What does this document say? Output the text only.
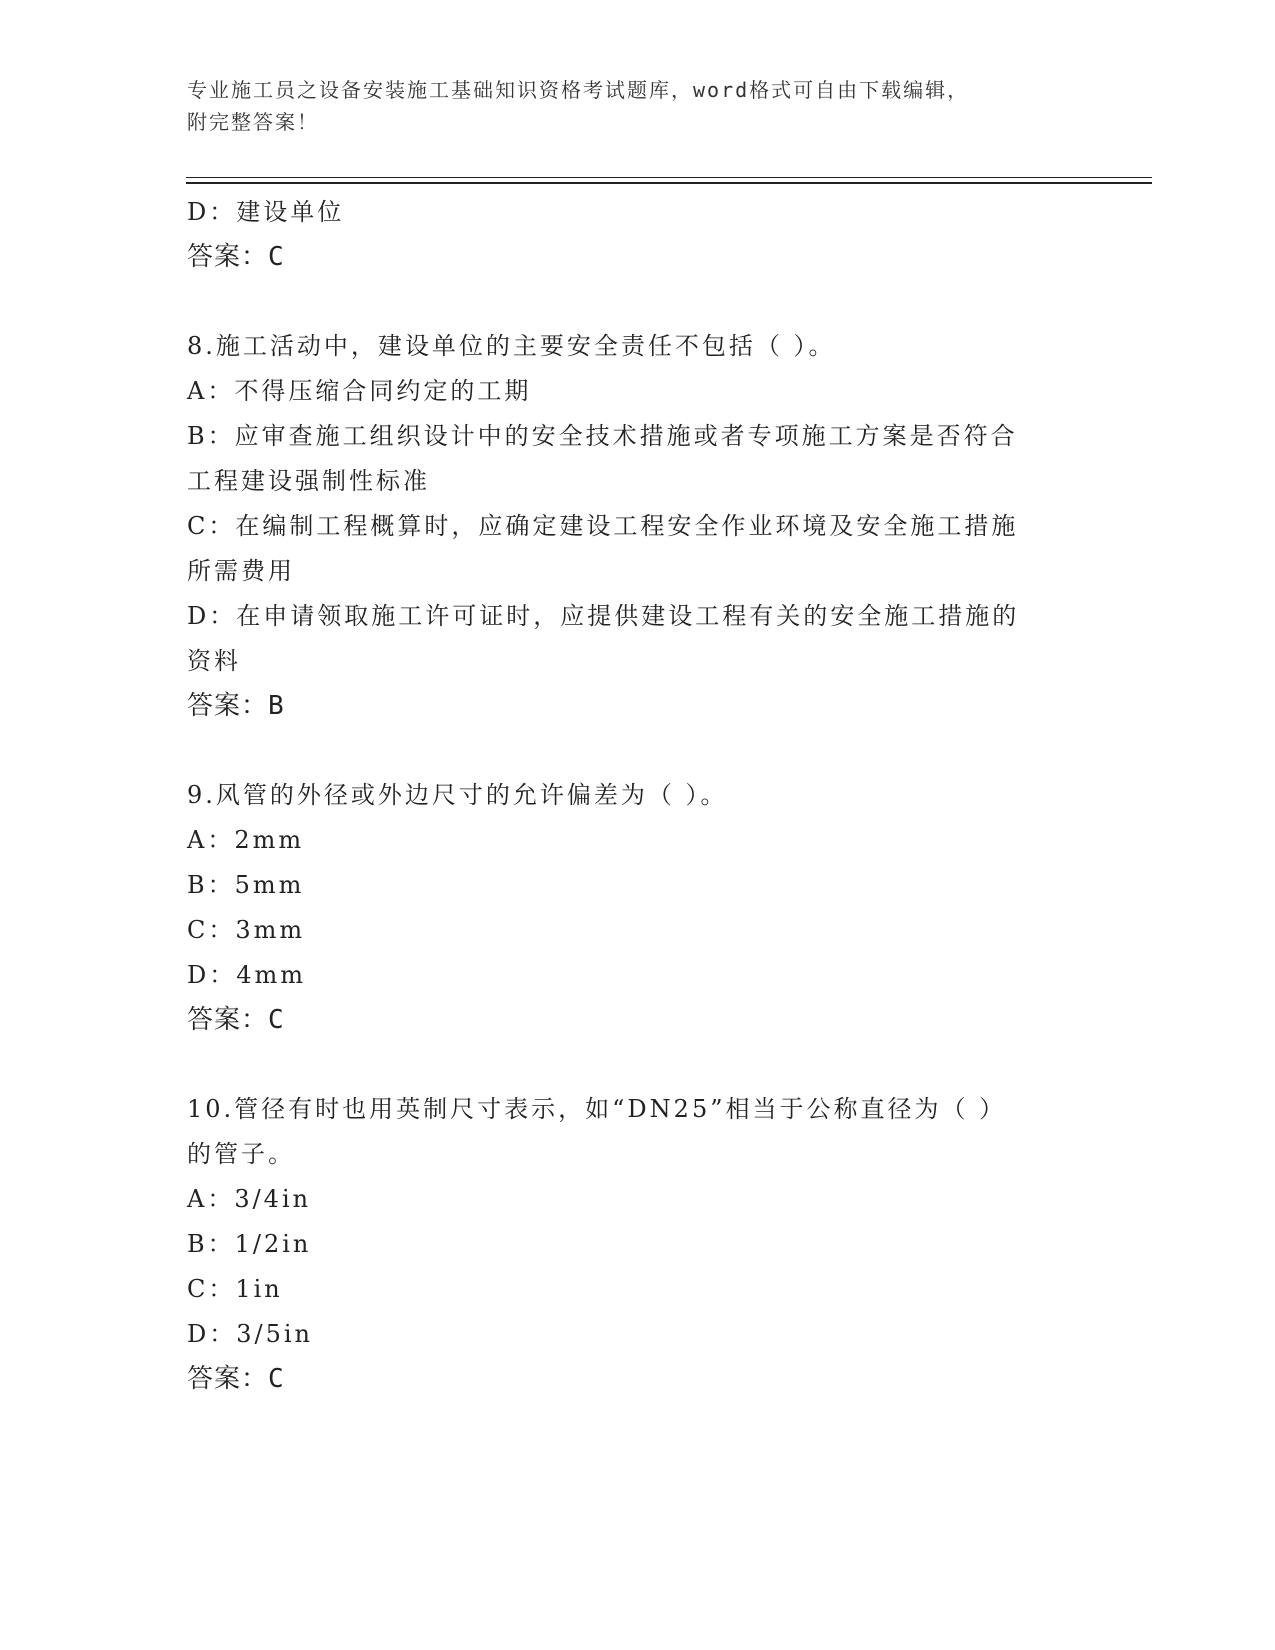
专业施工员之设备安装施工基础知识资格考试题库，word格式可自由下载编辑，
附完整答案！
D：建设单位
答案：C
8.施工活动中，建设单位的主要安全责任不包括（ ）。
A：不得压缩合同约定的工期
B：应审查施工组织设计中的安全技术措施或者专项施工方案是否符合
工程建设强制性标准
C：在编制工程概算时，应确定建设工程安全作业环境及安全施工措施
所需费用
D：在申请领取施工许可证时，应提供建设工程有关的安全施工措施的
资料
答案：B
9.风管的外径或外边尺寸的允许偏差为（ ）。
A：2mm
B：5mm
C：3mm
D：4mm
答案：C
10.管径有时也用英制尺寸表示，如“DN25”相当于公称直径为（ ）
的管子。
A：3/4in
B：1/2in
C：1in
D：3/5in
答案：C
